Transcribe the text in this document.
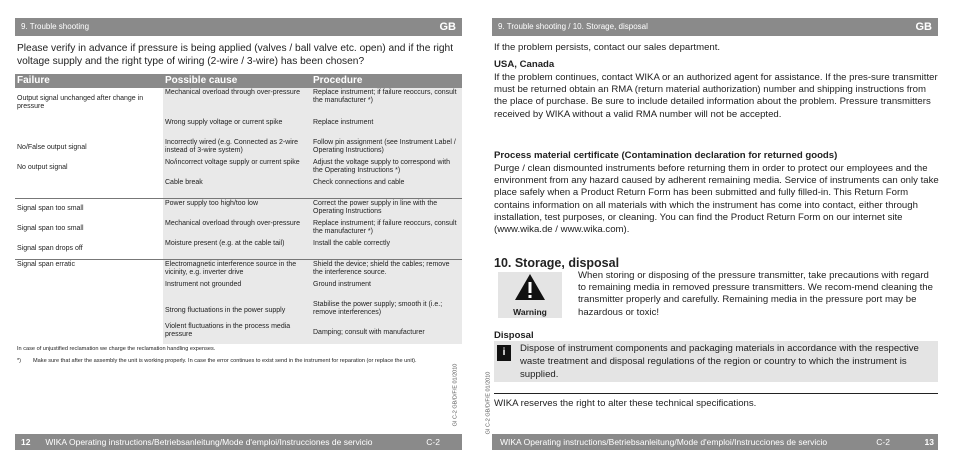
9. Trouble shooting	GB

Please verify in advance if pressure is being applied (valves / ball valve etc. open) and if the right voltage supply and the right type of wiring (2-wire / 3-wire) has been chosen?

Failure	Possible cause	Procedure
Output signal unchanged after change in pressure	Mechanical overload through over-pressure	Replace instrument; if failure reoccurs, consult the manufacturer *)
	Wrong supply voltage or current spike	Replace instrument
No/False output signal	Incorrectly wired (e.g. Connected as 2-wire instead of 3-wire system)	Follow pin assignment (see Instrument Label / Operating Instructions)
No output signal	No/incorrect voltage supply or current spike	Adjust the voltage supply to correspond with the Operating Instructions *)
	Cable break	Check connections and cable
Signal span too small	Power supply too high/too low	Correct the power supply in line with the Operating Instructions
Signal span too small	Mechanical overload through over-pressure	Replace instrument; if failure reoccurs, consult the manufacturer *)
Signal span drops off	Moisture present (e.g. at the cable tail)	Install the cable correctly
Signal span erratic	Electromagnetic interference source in the vicinity, e.g. inverter drive	Shield the device; shield the cables; remove the interference source.
	Instrument not grounded	Ground instrument
	Strong fluctuations in the power supply	Stabilise the power supply; smooth it (i.e.; remove interferences)
	Violent fluctuations in the process media pressure	Damping; consult with manufacturer

In case of unjustified reclamation we charge the reclamation handling expenses.

*)	Make sure that after the assembly the unit is working properly. In case the error continues to exist send in the instrument for reparation (or replace the unit).
GI C-2 GB/D/F/E 01/2010
12 WIKA Operating instructions/Betriebsanleitung/Mode d'emploi/Instrucciones de servicio	C-2
9. Trouble shooting / 10. Storage, disposal	GB

If the problem persists, contact our sales department.

USA, Canada

If the problem continues, contact WIKA or an authorized agent for assistance. If the pres-sure transmitter must be returned obtain an RMA (return material authorization) number and shipping instructions from the place of purchase. Be sure to include detailed information about the problem. Pressure transmitters received by WIKA without a valid RMA number will not be accepted.

Process material certificate (Contamination declaration for returned goods)

Purge / clean dismounted instruments before returning them in order to protect our employees and the environment from any hazard caused by adherent remaining media. Service of instruments can only take place safely when a Product Return Form has been submitted and fully filled-in. This Return Form contains information on all materials with which the instrument has come into contact, either through installation, test purposes, or cleaning. You can find the Product Return Form on our internet site (www.wika.de / www.wika.com).

10. Storage, disposal
Warning

When storing or disposing of the pressure transmitter, take precautions with regard to remaining media in removed pressure transmitters. We recom-mend cleaning the transmitter properly and carefully. Remaining media in the pressure port may be hazardous or toxic!

Disposal
i	Dispose of instrument components and packaging materials in accordance with the respective waste treatment and disposal regulations of the region or country to which the instrument is supplied.

WIKA reserves the right to alter these technical specifications.

GI C-2 GB/D/F/E 01/2010
WIKA Operating instructions/Betriebsanleitung/Mode d'emploi/Instrucciones de servicio	C-2	13
